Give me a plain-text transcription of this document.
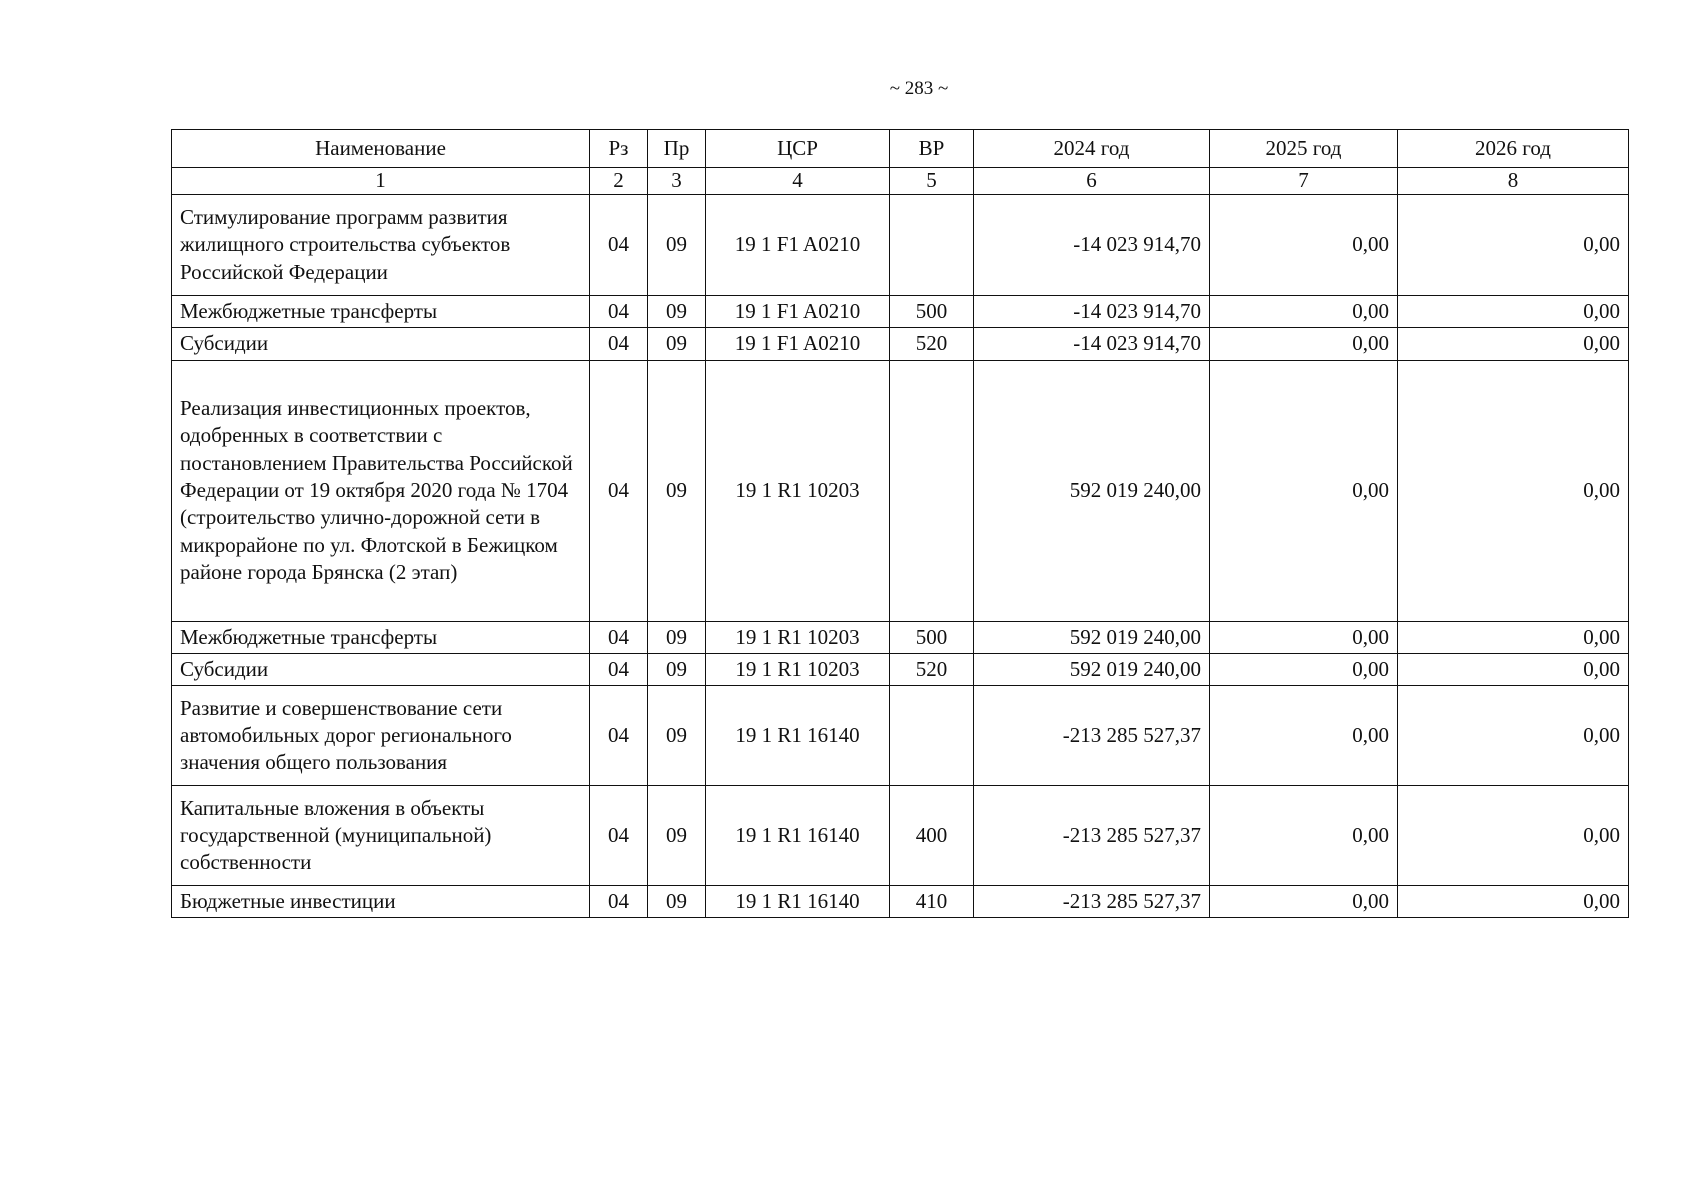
~ 283 ~
Наименование	Рз	Пр	ЦСР	ВР	2024 год	2025 год	2026 год
1	2	3	4	5	6	7	8
Стимулирование программ развития жилищного строительства субъектов Российской Федерации	04	09	19 1 F1 A0210		-14 023 914,70	0,00	0,00
Межбюджетные трансферты	04	09	19 1 F1 A0210	500	-14 023 914,70	0,00	0,00
Субсидии	04	09	19 1 F1 A0210	520	-14 023 914,70	0,00	0,00
Реализация инвестиционных проектов, одобренных в соответствии с постановлением Правительства Российской Федерации от 19 октября 2020 года № 1704 (строительство улично-дорожной сети в микрорайоне по ул. Флотской в Бежицком районе города Брянска (2 этап)	04	09	19 1 R1 10203		592 019 240,00	0,00	0,00
Межбюджетные трансферты	04	09	19 1 R1 10203	500	592 019 240,00	0,00	0,00
Субсидии	04	09	19 1 R1 10203	520	592 019 240,00	0,00	0,00
Развитие и совершенствование сети автомобильных дорог регионального значения общего пользования	04	09	19 1 R1 16140		-213 285 527,37	0,00	0,00
Капитальные вложения в объекты государственной (муниципальной) собственности	04	09	19 1 R1 16140	400	-213 285 527,37	0,00	0,00
Бюджетные инвестиции	04	09	19 1 R1 16140	410	-213 285 527,37	0,00	0,00
